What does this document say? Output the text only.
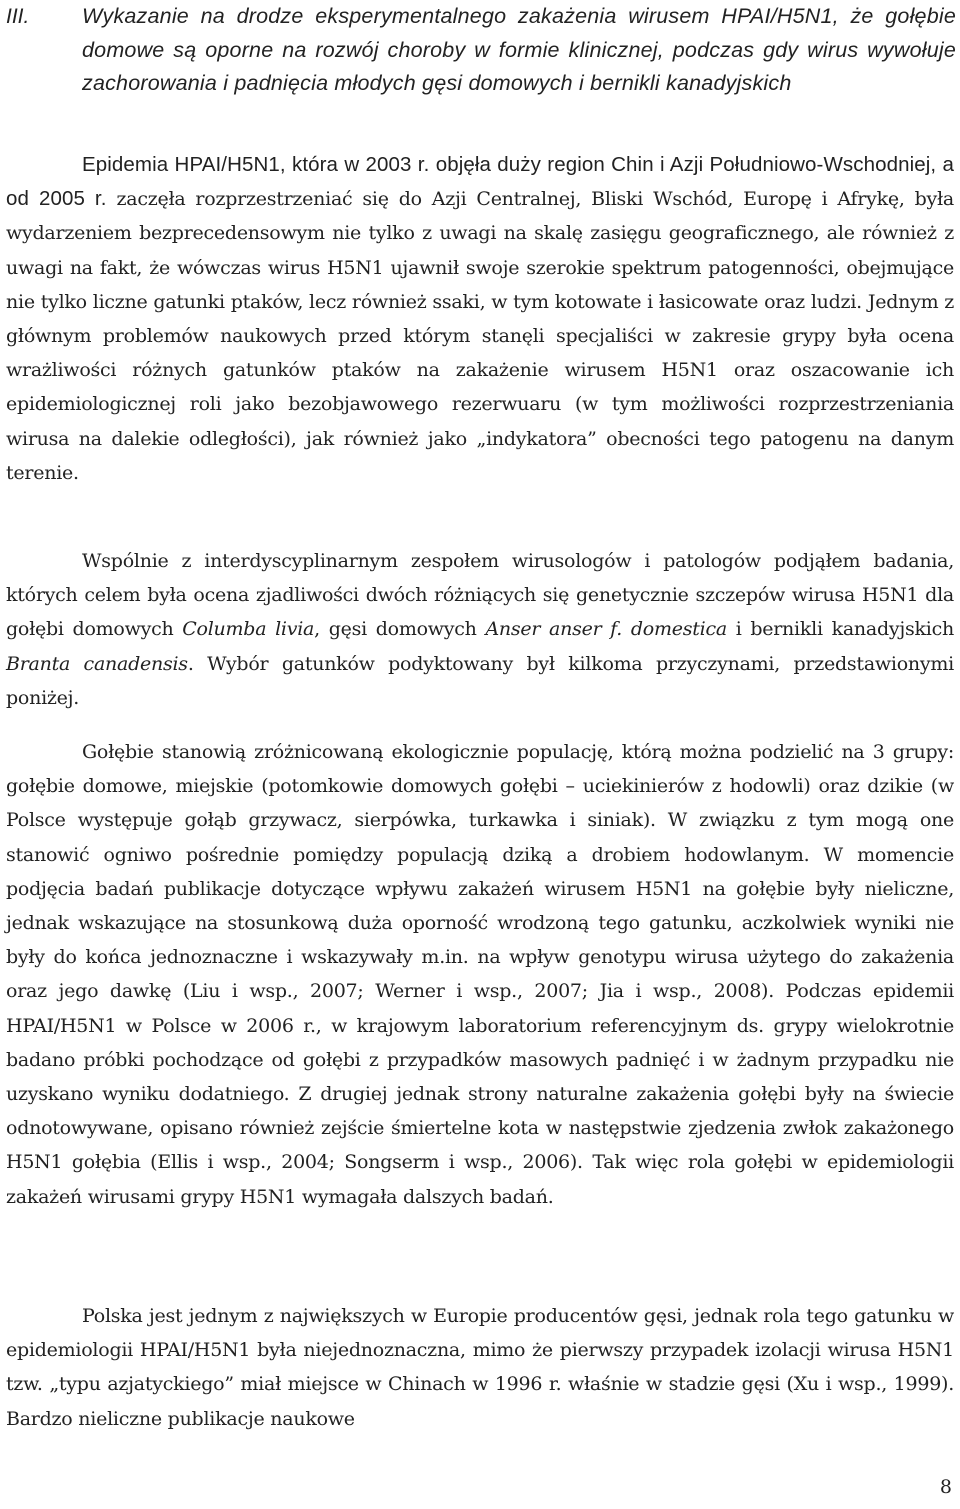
III. Wykazanie na drodze eksperymentalnego zakażenia wirusem HPAI/H5N1, że gołębie domowe są oporne na rozwój choroby w formie klinicznej, podczas gdy wirus wywołuje zachorowania i padnięcia młodych gęsi domowych i bernikli kanadyjskich

Epidemia HPAI/H5N1, która w 2003 r. objęła duży region Chin i Azji Południowo-Wschodniej, a od 2005 r. zaczęła rozprzestrzeniać się do Azji Centralnej, Bliski Wschód, Europę i Afrykę, była wydarzeniem bezprecedensowym nie tylko z uwagi na skalę zasięgu geograficznego, ale również z uwagi na fakt, że wówczas wirus H5N1 ujawnił swoje szerokie spektrum patogenności, obejmujące nie tylko liczne gatunki ptaków, lecz również ssaki, w tym kotowate i łasicowate oraz ludzi. Jednym z głównym problemów naukowych przed którym stanęli specjaliści w zakresie grypy była ocena wrażliwości różnych gatunków ptaków na zakażenie wirusem H5N1 oraz oszacowanie ich epidemiologicznej roli jako bezobjawowego rezerwuaru (w tym możliwości rozprzestrzeniania wirusa na dalekie odległości), jak również jako „indykatora” obecności tego patogenu na danym terenie.

Wspólnie z interdyscyplinarnym zespołem wirusologów i patologów podjąłem badania, których celem była ocena zjadliwości dwóch różniących się genetycznie szczepów wirusa H5N1 dla gołębi domowych Columba livia, gęsi domowych Anser anser f. domestica i bernikli kanadyjskich Branta canadensis. Wybór gatunków podyktowany był kilkoma przyczynami, przedstawionymi poniżej.

Gołębie stanowią zróżnicowaną ekologicznie populację, którą można podzielić na 3 grupy: gołębie domowe, miejskie (potomkowie domowych gołębi – uciekinierów z hodowli) oraz dzikie (w Polsce występuje gołąb grzywacz, sierpówka, turkawka i siniak). W związku z tym mogą one stanowić ogniwo pośrednie pomiędzy populacją dziką a drobiem hodowlanym. W momencie podjęcia badań publikacje dotyczące wpływu zakażeń wirusem H5N1 na gołębie były nieliczne, jednak wskazujące na stosunkową duża oporność wrodzoną tego gatunku, aczkolwiek wyniki nie były do końca jednoznaczne i wskazywały m.in. na wpływ genotypu wirusa użytego do zakażenia oraz jego dawkę (Liu i wsp., 2007; Werner i wsp., 2007; Jia i wsp., 2008). Podczas epidemii HPAI/H5N1 w Polsce w 2006 r., w krajowym laboratorium referencyjnym ds. grypy wielokrotnie badano próbki pochodzące od gołębi z przypadków masowych padnięć i w żadnym przypadku nie uzyskano wyniku dodatniego. Z drugiej jednak strony naturalne zakażenia gołębi były na świecie odnotowywane, opisano również zejście śmiertelne kota w następstwie zjedzenia zwłok zakażonego H5N1 gołębia (Ellis i wsp., 2004; Songserm i wsp., 2006). Tak więc rola gołębi w epidemiologii zakażeń wirusami grypy H5N1 wymagała dalszych badań.

Polska jest jednym z największych w Europie producentów gęsi, jednak rola tego gatunku w epidemiologii HPAI/H5N1 była niejednoznaczna, mimo że pierwszy przypadek izolacji wirusa H5N1 tzw. „typu azjatyckiego” miał miejsce w Chinach w 1996 r. właśnie w stadzie gęsi (Xu i wsp., 1999). Bardzo nieliczne publikacje naukowe

8
